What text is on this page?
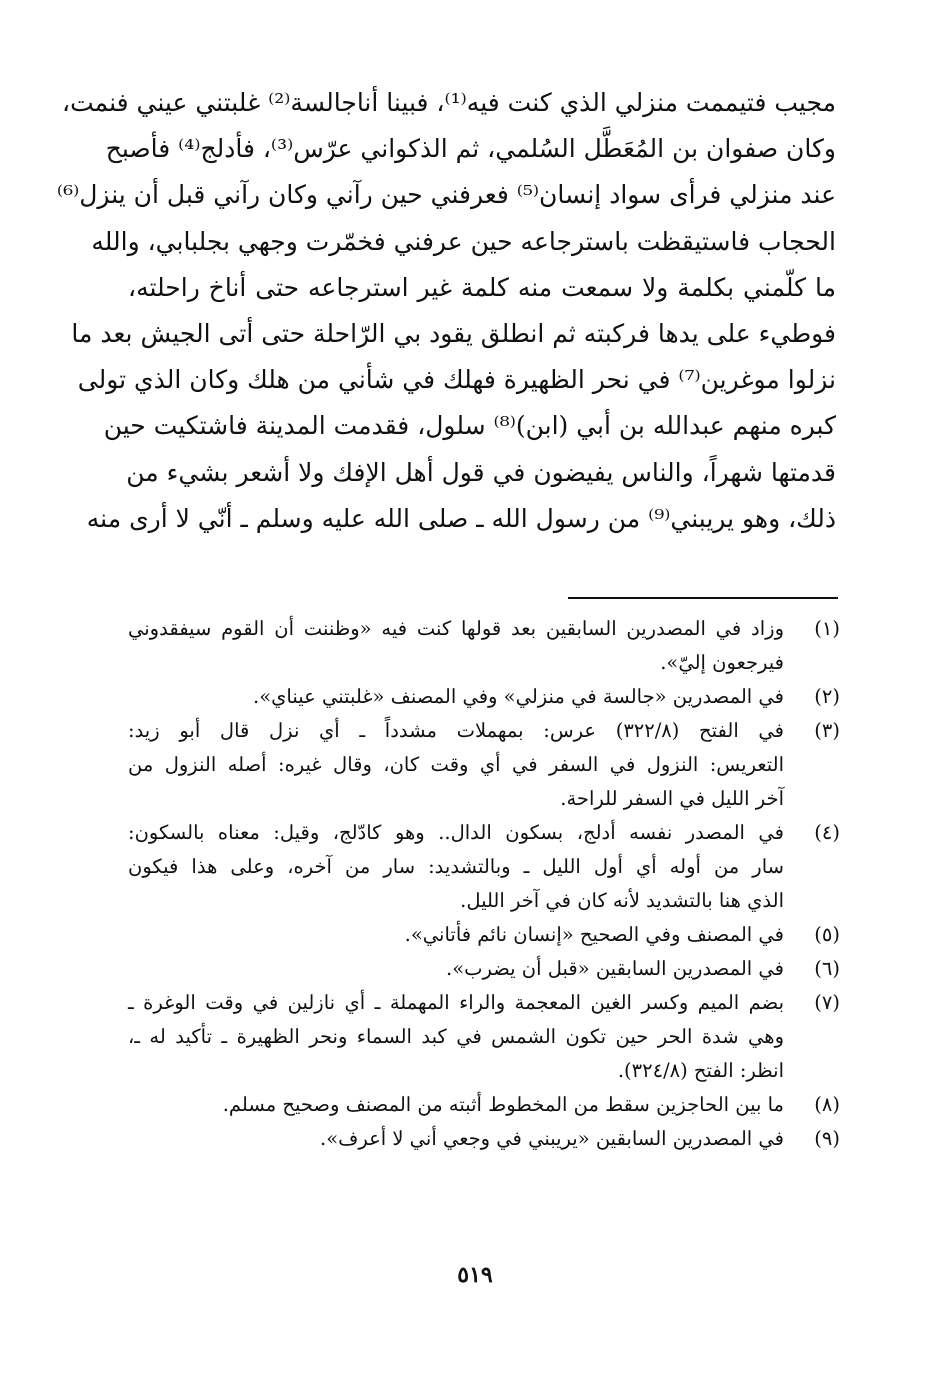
مجيب فتيممت منزلي الذي كنت فيه⁽¹⁾، فبينا أناجالسة⁽²⁾ غلبتني عيني فنمت،
وكان صفوان بن المُعَطَّل السُلمي، ثم الذكواني عرّس⁽³⁾، فأدلج⁽⁴⁾ فأصبح
عند منزلي فرأى سواد إنسان⁽⁵⁾ فعرفني حين رآني وكان رآني قبل أن ينزل⁽⁶⁾
الحجاب فاستيقظت باسترجاعه حين عرفني فخمّرت وجهي بجلبابي، والله
ما كلّمني بكلمة ولا سمعت منه كلمة غير استرجاعه حتى أناخ راحلته،
فوطيء على يدها فركبته ثم انطلق يقود بي الرّاحلة حتى أتى الجيش بعد ما
نزلوا موغرين⁽⁷⁾ في نحر الظهيرة فهلك في شأني من هلك وكان الذي تولى
كبره منهم عبدالله بن أبي (ابن)⁽⁸⁾ سلول، فقدمت المدينة فاشتكيت حين
قدمتها شهراً، والناس يفيضون في قول أهل الإفك ولا أشعر بشيء من
ذلك، وهو يريبني⁽⁹⁾ من رسول الله ـ صلى الله عليه وسلم ـ أنّي لا أرى منه
(١)
وزاد في المصدرين السابقين بعد قولها كنت فيه «وظننت أن القوم سيفقدوني
فيرجعون إليّ».
(٢)
في المصدرين «جالسة في منزلي» وفي المصنف «غلبتني عيناي».
(٣)
في الفتح (٣٢٢/٨) عرس: بمهملات مشدداً ـ أي نزل قال أبو زيد:
التعريس: النزول في السفر في أي وقت كان، وقال غيره: أصله النزول من
آخر الليل في السفر للراحة.
(٤)
في المصدر نفسه أدلج، بسكون الدال.. وهو كادّلج، وقيل: معناه بالسكون:
سار من أوله أي أول الليل ـ وبالتشديد: سار من آخره، وعلى هذا فيكون
الذي هنا بالتشديد لأنه كان في آخر الليل.
(٥)
في المصنف وفي الصحيح «إنسان نائم فأتاني».
(٦)
في المصدرين السابقين «قبل أن يضرب».
(٧)
بضم الميم وكسر الغين المعجمة والراء المهملة ـ أي نازلين في وقت الوغرة ـ
وهي شدة الحر حين تكون الشمس في كبد السماء ونحر الظهيرة ـ تأكيد له ـ،
انظر: الفتح (٣٢٤/٨).
(٨)
ما بين الحاجزين سقط من المخطوط أثبته من المصنف وصحيح مسلم.
(٩)
في المصدرين السابقين «يريبني في وجعي أني لا أعرف».
٥١٩
